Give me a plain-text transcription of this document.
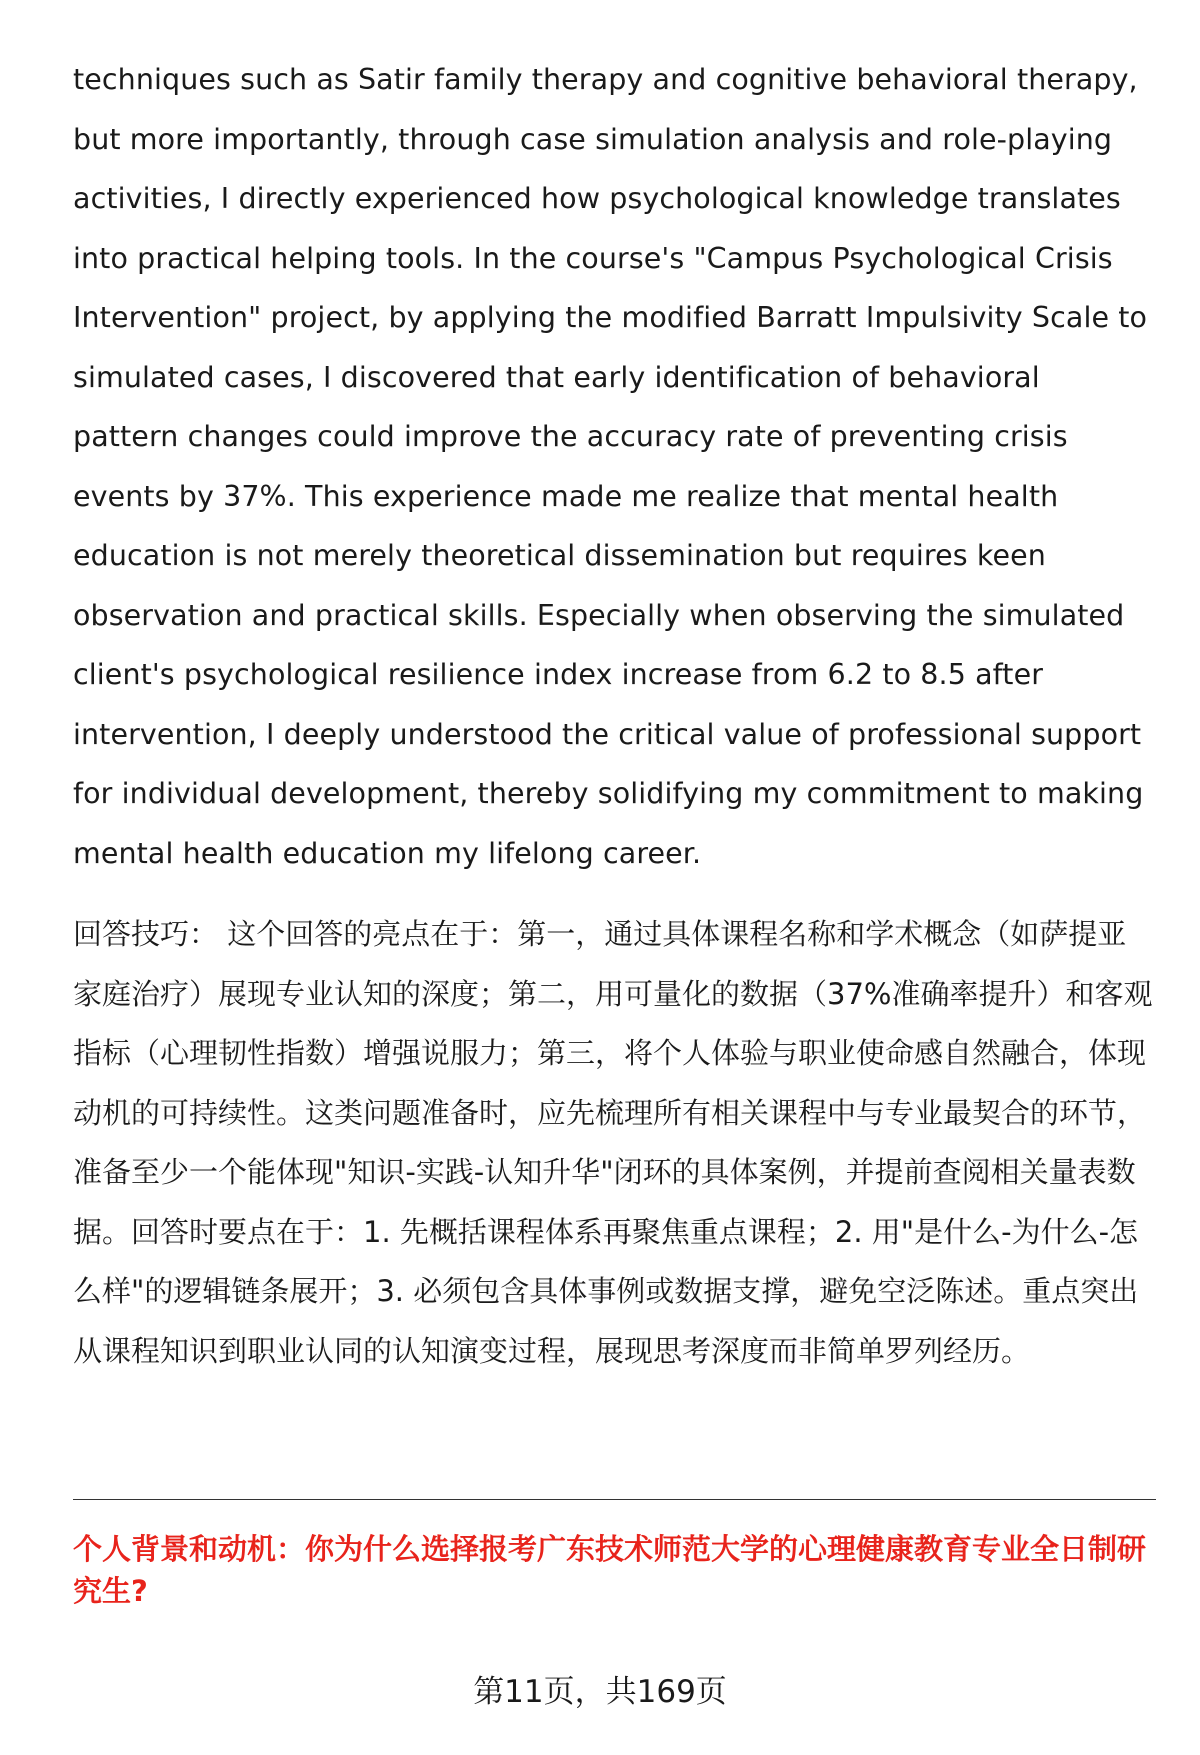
techniques such as Satir family therapy and cognitive behavioral therapy, but more importantly, through case simulation analysis and role-playing activities, I directly experienced how psychological knowledge translates into practical helping tools. In the course's "Campus Psychological Crisis Intervention" project, by applying the modified Barratt Impulsivity Scale to simulated cases, I discovered that early identification of behavioral pattern changes could improve the accuracy rate of preventing crisis events by 37%. This experience made me realize that mental health education is not merely theoretical dissemination but requires keen observation and practical skills. Especially when observing the simulated client's psychological resilience index increase from 6.2 to 8.5 after intervention, I deeply understood the critical value of professional support for individual development, thereby solidifying my commitment to making mental health education my lifelong career.

回答技巧： 这个回答的亮点在于：第一，通过具体课程名称和学术概念（如萨提亚家庭治疗）展现专业认知的深度；第二，用可量化的数据（37%准确率提升）和客观指标（心理韧性指数）增强说服力；第三，将个人体验与职业使命感自然融合，体现动机的可持续性。这类问题准备时，应先梳理所有相关课程中与专业最契合的环节，准备至少一个能体现"知识-实践-认知升华"闭环的具体案例，并提前查阅相关量表数据。回答时要点在于：1. 先概括课程体系再聚焦重点课程；2. 用"是什么-为什么-怎么样"的逻辑链条展开；3. 必须包含具体事例或数据支撑，避免空泛陈述。重点突出从课程知识到职业认同的认知演变过程，展现思考深度而非简单罗列经历。

个人背景和动机：你为什么选择报考广东技术师范大学的心理健康教育专业全日制研究生?

第11页，共169页
